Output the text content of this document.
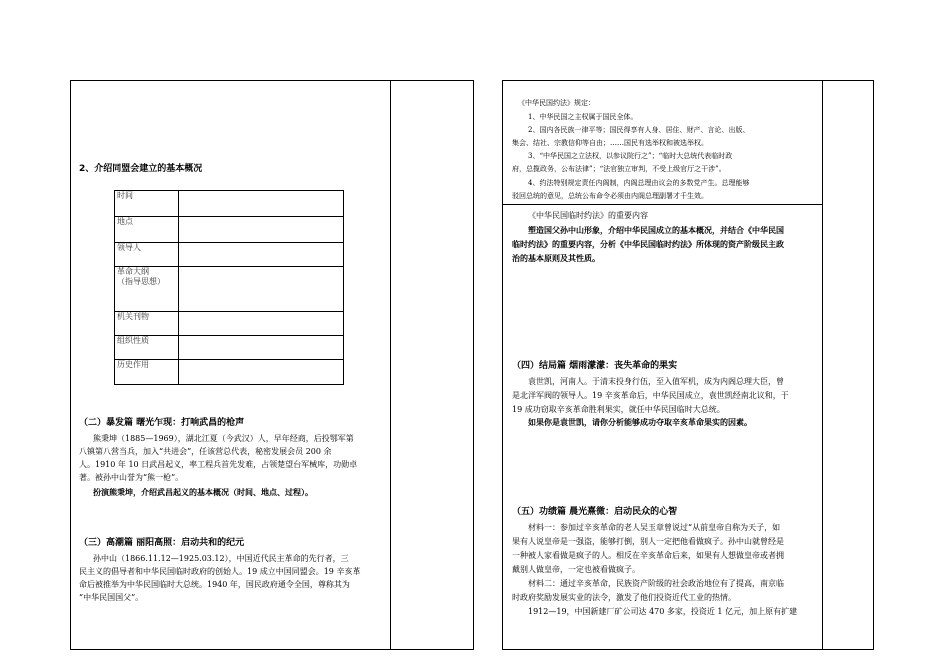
2、介绍同盟会建立的基本概况
时间	
地点	
领导人	

革命大纲
（指导思想）	

机关刊物	
组织性质	
历史作用	
（二）暴发篇 曙光乍现：打响武昌的枪声
熊秉坤（1885—1969），湖北江夏（今武汉）人，早年经商，后投鄂军第
八镇第八营当兵，加入“共进会”，任该营总代表，秘密发展会员 200 余
人。1910 年 10 日武昌起义，率工程兵首先发难，占领楚望台军械库，功勋卓
著。被孙中山誉为“熊一枪”。
扮演熊秉坤，介绍武昌起义的基本概况（时间、地点、过程）。
（三）高潮篇 丽阳高照：启动共和的纪元
孙中山（1866.11.12—1925.03.12），中国近代民主革命的先行者，三
民主义的倡导者和中华民国临时政府的创始人。19 成立中国同盟会。19 辛亥革
命后被推举为中华民国临时大总统。1940 年，国民政府通令全国，尊称其为
“中华民国国父”。
《中华民国约法》规定：
1、中华民国之主权属于国民全体。
2、国内各民族一律平等；国民得享有人身、居住、财产、言论、出版、
集会、结社、宗教信仰等自由；……国民有选举权和被选举权。
3、“中华民国之立法权，以参议院行之”；“临时大总统代表临时政
府，总揽政务，公布法律”；“法官独立审判，不受上级官厅之干涉”。
4、约法特别规定责任内阁制，内阁总理由议会的多数党产生。总理能够
驳回总统的意见，总统公布命令必须由内阁总理副署才千生效。
《中华民国临时约法》的重要内容
塑造国父孙中山形象，介绍中华民国成立的基本概况，并结合《中华民国
临时约法》的重要内容，分析《中华民国临时约法》所体现的资产阶级民主政
治的基本原则及其性质。
（四）结局篇 烟雨濛濛：丧失革命的果实
袁世凯，河南人。于清末投身行伍，至入值军机，成为内阁总理大臣，曾
是北洋军阀的领导人。19 辛亥革命后，中华民国成立，袁世凯经南北议和，于
19 成功窃取辛亥革命胜利果实，就任中华民国临时大总统。
如果你是袁世凯，请你分析能够成功夺取辛亥革命果实的因素。
（五）功绩篇 晨光熹微：启动民众的心智
材料一：参加过辛亥革命的老人吴玉章曾说过“从前皇帝自称为天子，如
果有人说皇帝是一强盗，能够打倒，别人一定把他看做疯子。孙中山就曾经是
一种被人家看做是疯子的人。相反在辛亥革命后来，如果有人想做皇帝或者拥
戴别人做皇帝，一定也被看做疯子。
材料二：通过辛亥革命，民族资产阶级的社会政治地位有了提高，南京临
时政府奖励发展实业的法令，激发了他们投资近代工业的热情。
1912—19，中国新建厂矿公司达 470 多家，投资近 1 亿元，加上原有扩建
